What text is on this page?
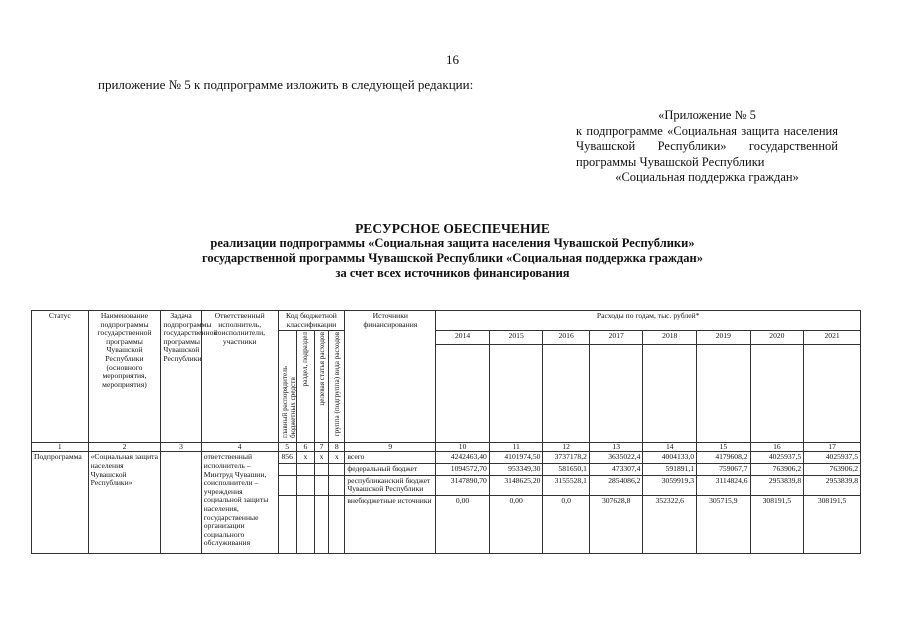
16
приложение № 5 к подпрограмме изложить в следующей редакции:
«Приложение № 5
к подпрограмме «Социальная защита населения Чувашской Республики» государственной программы Чувашской Республики
«Социальная поддержка граждан»
РЕСУРСНОЕ ОБЕСПЕЧЕНИЕ
реализации подпрограммы «Социальная защита населения Чувашской Республики»
государственной программы Чувашской Республики «Социальная поддержка граждан»
за счет всех источников финансирования
Статус	Наименование подпрограммы государственной программы Чувашской Республики (основного мероприятия, мероприятия)	Задача подпрограммы государственной программы Чувашской Республики	Ответственный исполнитель, соисполнители, участники	Код бюджетной классификации				Источники финансирования	Расходы по годам, тыс. рублей*							
				главный распорядитель бюджетных средств	раздел, подраздел	целевая статья расходов	группа (подгруппа) вида расходов		2014	2015	2016	2017	2018	2019	2020	2021

1	2	3	4	5	6	7	8	9	10	11	12	13	14	15	16	17
Подпрограмма	«Социальная защита населения Чувашской Республики»		ответственный исполнитель – Минтруд Чувашии, соисполнители – учреждения социальной защиты населения, государственные организации социального обслуживания	856	x	x	x	всего	4242463,40	4101974,50	3737178,2	3635022,4	4004133,0	4179608,2	4025937,5	4025937,5
								федеральный бюджет	1094572,70	953349,30	581650,1	473307,4	591891,1	759067,7	763906,2	763906,2
								республиканский бюджет Чувашской Республики	3147890,70	3148625,20	3155528,1	2854086,2	3059919,3	3114824,6	2953839,8	2953839,8
								внебюджетные источники	0,00	0,00	0,0	307628,8	352322,6	305715,9	308191,5	308191,5
